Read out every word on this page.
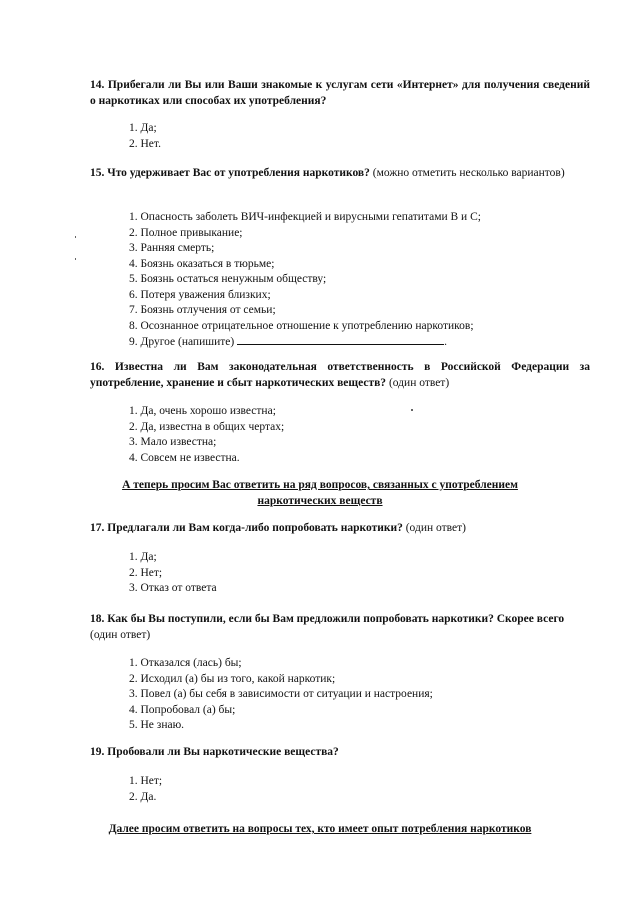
14. Прибегали ли Вы или Ваши знакомые к услугам сети «Интернет» для получения сведений о наркотиках или способах их употребления?

1. Да;
2. Нет.

15. Что удерживает Вас от употребления наркотиков? (можно отметить несколько вариантов)

1. Опасность заболеть ВИЧ-инфекцией и вирусными гепатитами В и С;
2. Полное привыкание;
3. Ранняя смерть;
4. Боязнь оказаться в тюрьме;
5. Боязнь остаться ненужным обществу;
6. Потеря уважения близких;
7. Боязнь отлучения от семьи;
8. Осознанное отрицательное отношение к употреблению наркотиков;
9. Другое (напишите)	.

16. Известна ли Вам законодательная ответственность в Российской Федерации за употребление, хранение и сбыт наркотических веществ? (один ответ)

1. Да, очень хорошо известна;
2. Да, известна в общих чертах;
3. Мало известна;
4. Совсем не известна.
А теперь просим Вас ответить на ряд вопросов, связанных с употреблением
наркотических веществ

17. Предлагали ли Вам когда-либо попробовать наркотики? (один ответ)

1. Да;
2. Нет;
3. Отказ от ответа

18. Как бы Вы поступили, если бы Вам предложили попробовать наркотики? Скорее всего (один ответ)

1. Отказался (лась) бы;
2. Исходил (а) бы из того, какой наркотик;
3. Повел (а) бы себя в зависимости от ситуации и настроения;
4. Попробовал (а) бы;
5. Не знаю.

19. Пробовали ли Вы наркотические вещества?

1. Нет;
2. Да.
Далее просим ответить на вопросы тех, кто имеет опыт потребления наркотиков
